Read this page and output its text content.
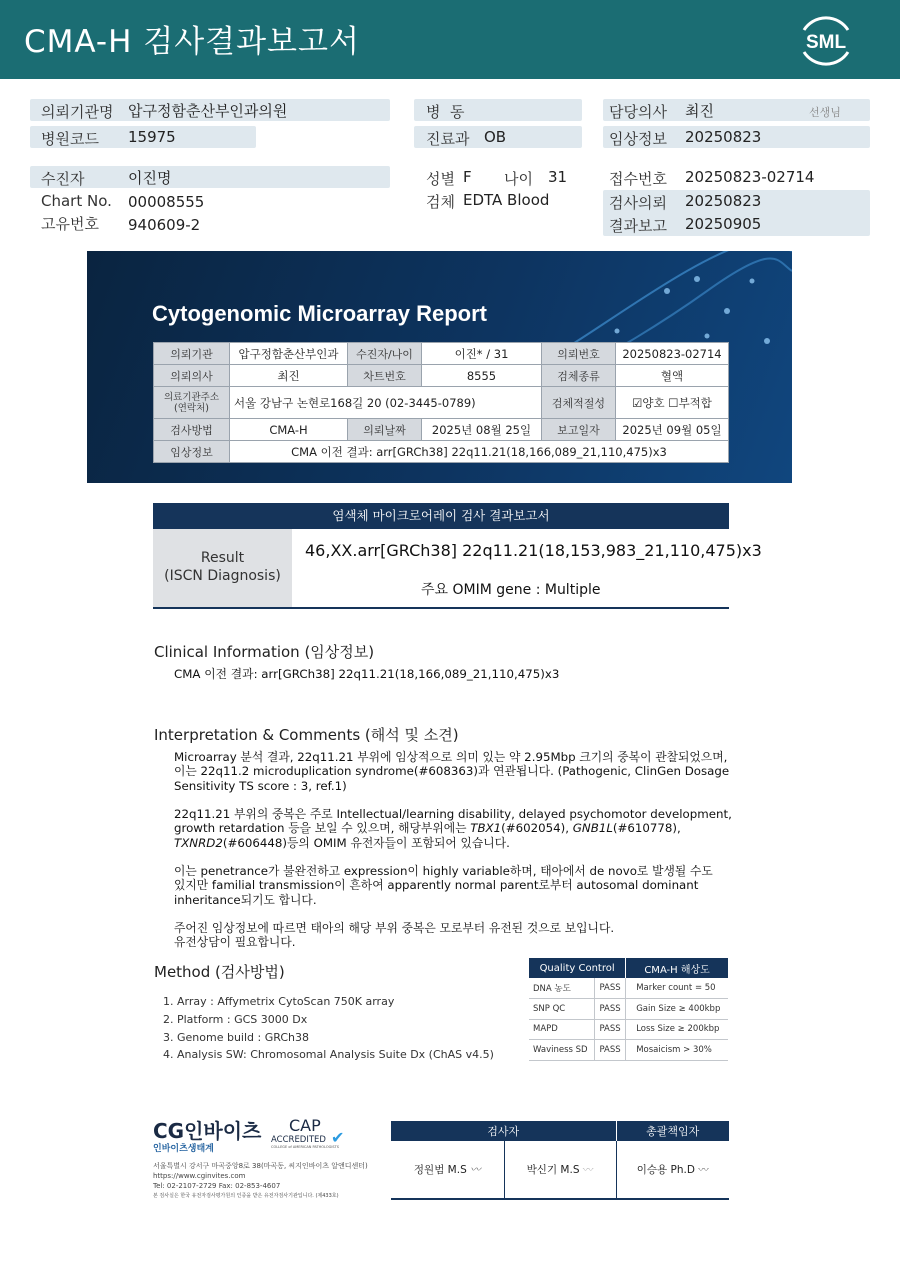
CMA-H 검사결과보고서	SML
의뢰기관명 압구정함춘산부인과의원
병원코드 15975
병  동
진료과 OB
담당의사 최진	선생님
임상정보 20250823
수진자	이진명
Chart No. 00008555
고유번호 940609-2
성별 F 나이 31
검체 EDTA Blood
접수번호 20250823-02714
검사의뢰 20250823
결과보고 20250905
Cytogenomic Microarray Report
의뢰기관	압구정함춘산부인과	수진자/나이	이진* / 31	의뢰번호	20250823-02714
의뢰의사	최진	차트번호	8555	검체종류	혈액
의료기관주소 (연락처)	서울 강남구 논현로168길 20 (02-3445-0789)			검체적절성	☑양호 ☐부적합
검사방법	CMA-H	의뢰날짜	2025년 08월 25일	보고일자	2025년 09월 05일
임상정보	CMA 이전 결과: arr[GRCh38] 22q11.21(18,166,089_21,110,475)x3				
염색체 마이크로어레이 검사 결과보고서
Result
(ISCN Diagnosis)
46,XX.arr[GRCh38] 22q11.21(18,153,983_21,110,475)x3
주요 OMIM gene : Multiple
Clinical Information (임상정보)
CMA 이전 결과: arr[GRCh38] 22q11.21(18,166,089_21,110,475)x3
Interpretation & Comments (해석 및 소견)
Microarray 분석 결과, 22q11.21 부위에 임상적으로 의미 있는 약 2.95Mbp 크기의 중복이 관찰되었으며,
이는 22q11.2 microduplication syndrome(#608363)과 연관됩니다. (Pathogenic, ClinGen Dosage
Sensitivity TS score : 3, ref.1)
22q11.21 부위의 중복은 주로 Intellectual/learning disability, delayed psychomotor development,
growth retardation 등을 보일 수 있으며, 해당부위에는 TBX1(#602054), GNB1L(#610778),
TXNRD2(#606448)등의 OMIM 유전자들이 포함되어 있습니다.
이는 penetrance가 불완전하고 expression이 highly variable하며, 태아에서 de novo로 발생될 수도
있지만 familial transmission이 흔하여 apparently normal parent로부터 autosomal dominant
inheritance되기도 합니다.
주어진 임상정보에 따르면 태아의 해당 부위 중복은 모로부터 유전된 것으로 보입니다.
유전상담이 필요합니다.
Method (검사방법)
1. Array : Affymetrix CytoScan 750K array
2. Platform : GCS 3000 Dx
3. Genome build : GRCh38
4. Analysis SW: Chromosomal Analysis Suite Dx (ChAS v4.5)
Quality Control		CMA-H 해상도
DNA 농도	PASS	Marker count = 50
SNP QC	PASS	Gain Size ≥ 400kbp
MAPD	PASS	Loss Size ≥ 200kbp
Waviness SD	PASS	Mosaicism > 30%
CG인바이츠
인바이츠생태계
CAP
ACCREDITED
COLLEGE of AMERICAN PATHOLOGISTS
✔
서울특별시 강서구 마곡중앙8로 38(마곡동, 씨지인바이츠 알앤디센터)
https://www.cginvites.com
Tel: 02-2107-2729 Fax: 02-853-4607
본 검사실은 한국 유전자검사평가원의 인증을 받은 유전자검사기관입니다. (제433호)
검사자		총괄책임자
정원범 M.S 〰	박신기 M.S 〰	이승용 Ph.D 〰
